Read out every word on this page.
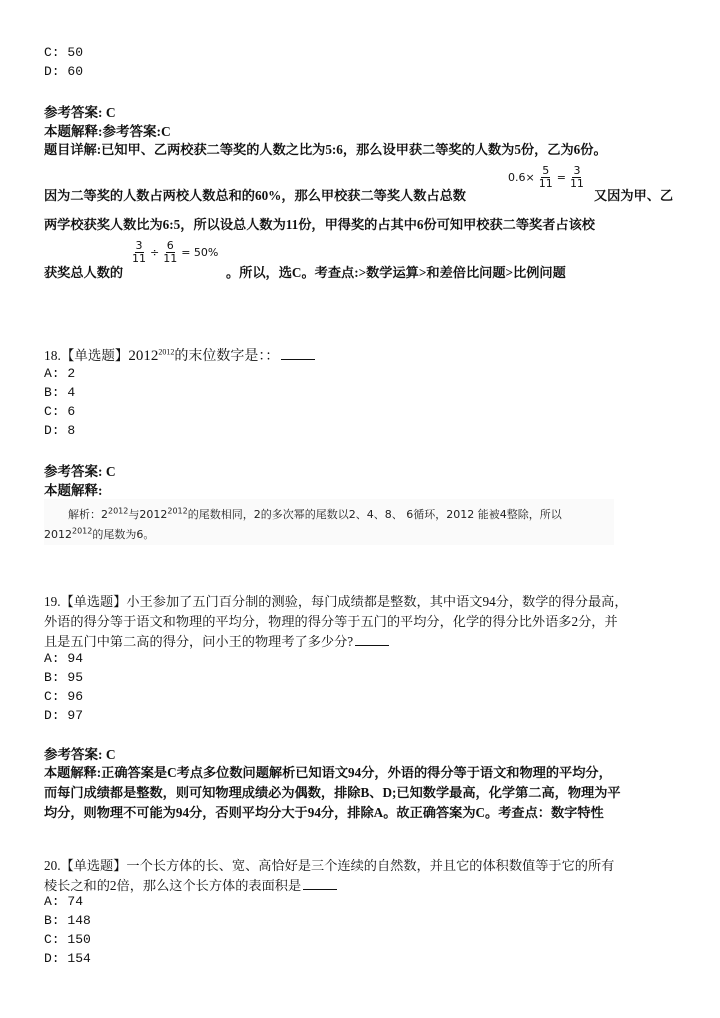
C: 50
D: 60
参考答案: C
本题解释:参考答案:C
题目详解:已知甲、乙两校获二等奖的人数之比为5:6，那么设甲获二等奖的人数为5份，乙为6份。
因为二等奖的人数占两校人数总和的60%，那么甲校获二等奖人数占总数
$0.6\times \frac{5}{11} = \frac{3}{11}$
又因为甲、乙
两学校获奖人数比为6:5，所以设总人数为11份，甲得奖的占其中6份可知甲校获二等奖者占该校
获奖总人数的
$\frac{3}{11} \div \frac{6}{11} = 50\%$
。所以，选C。考查点:>数学运算>和差倍比问题>比例问题
18.【单选题】$2012^{2012}$的末位数字是：：
A: 2
B: 4
C: 6
D: 8
参考答案: C
本题解释:
解析：$2^{2012}$与$2012^{2012}$的尾数相同，2的多次幂的尾数以2、4、8、 6循环，2012 能被4整除，所以
$2012^{2012}$的尾数为6。
19.【单选题】小王参加了五门百分制的测验，每门成绩都是整数，其中语文94分，数学的得分最高，
外语的得分等于语文和物理的平均分，物理的得分等于五门的平均分，化学的得分比外语多2分，并
且是五门中第二高的得分，问小王的物理考了多少分?
A: 94
B: 95
C: 96
D: 97
参考答案: C
本题解释:正确答案是C考点多位数问题解析已知语文94分，外语的得分等于语文和物理的平均分，
而每门成绩都是整数，则可知物理成绩必为偶数，排除B、D;已知数学最高，化学第二高，物理为平
均分，则物理不可能为94分，否则平均分大于94分，排除A。故正确答案为C。考查点：数字特性
20.【单选题】一个长方体的长、宽、高恰好是三个连续的自然数，并且它的体积数值等于它的所有
棱长之和的2倍，那么这个长方体的表面积是
A: 74
B: 148
C: 150
D: 154
